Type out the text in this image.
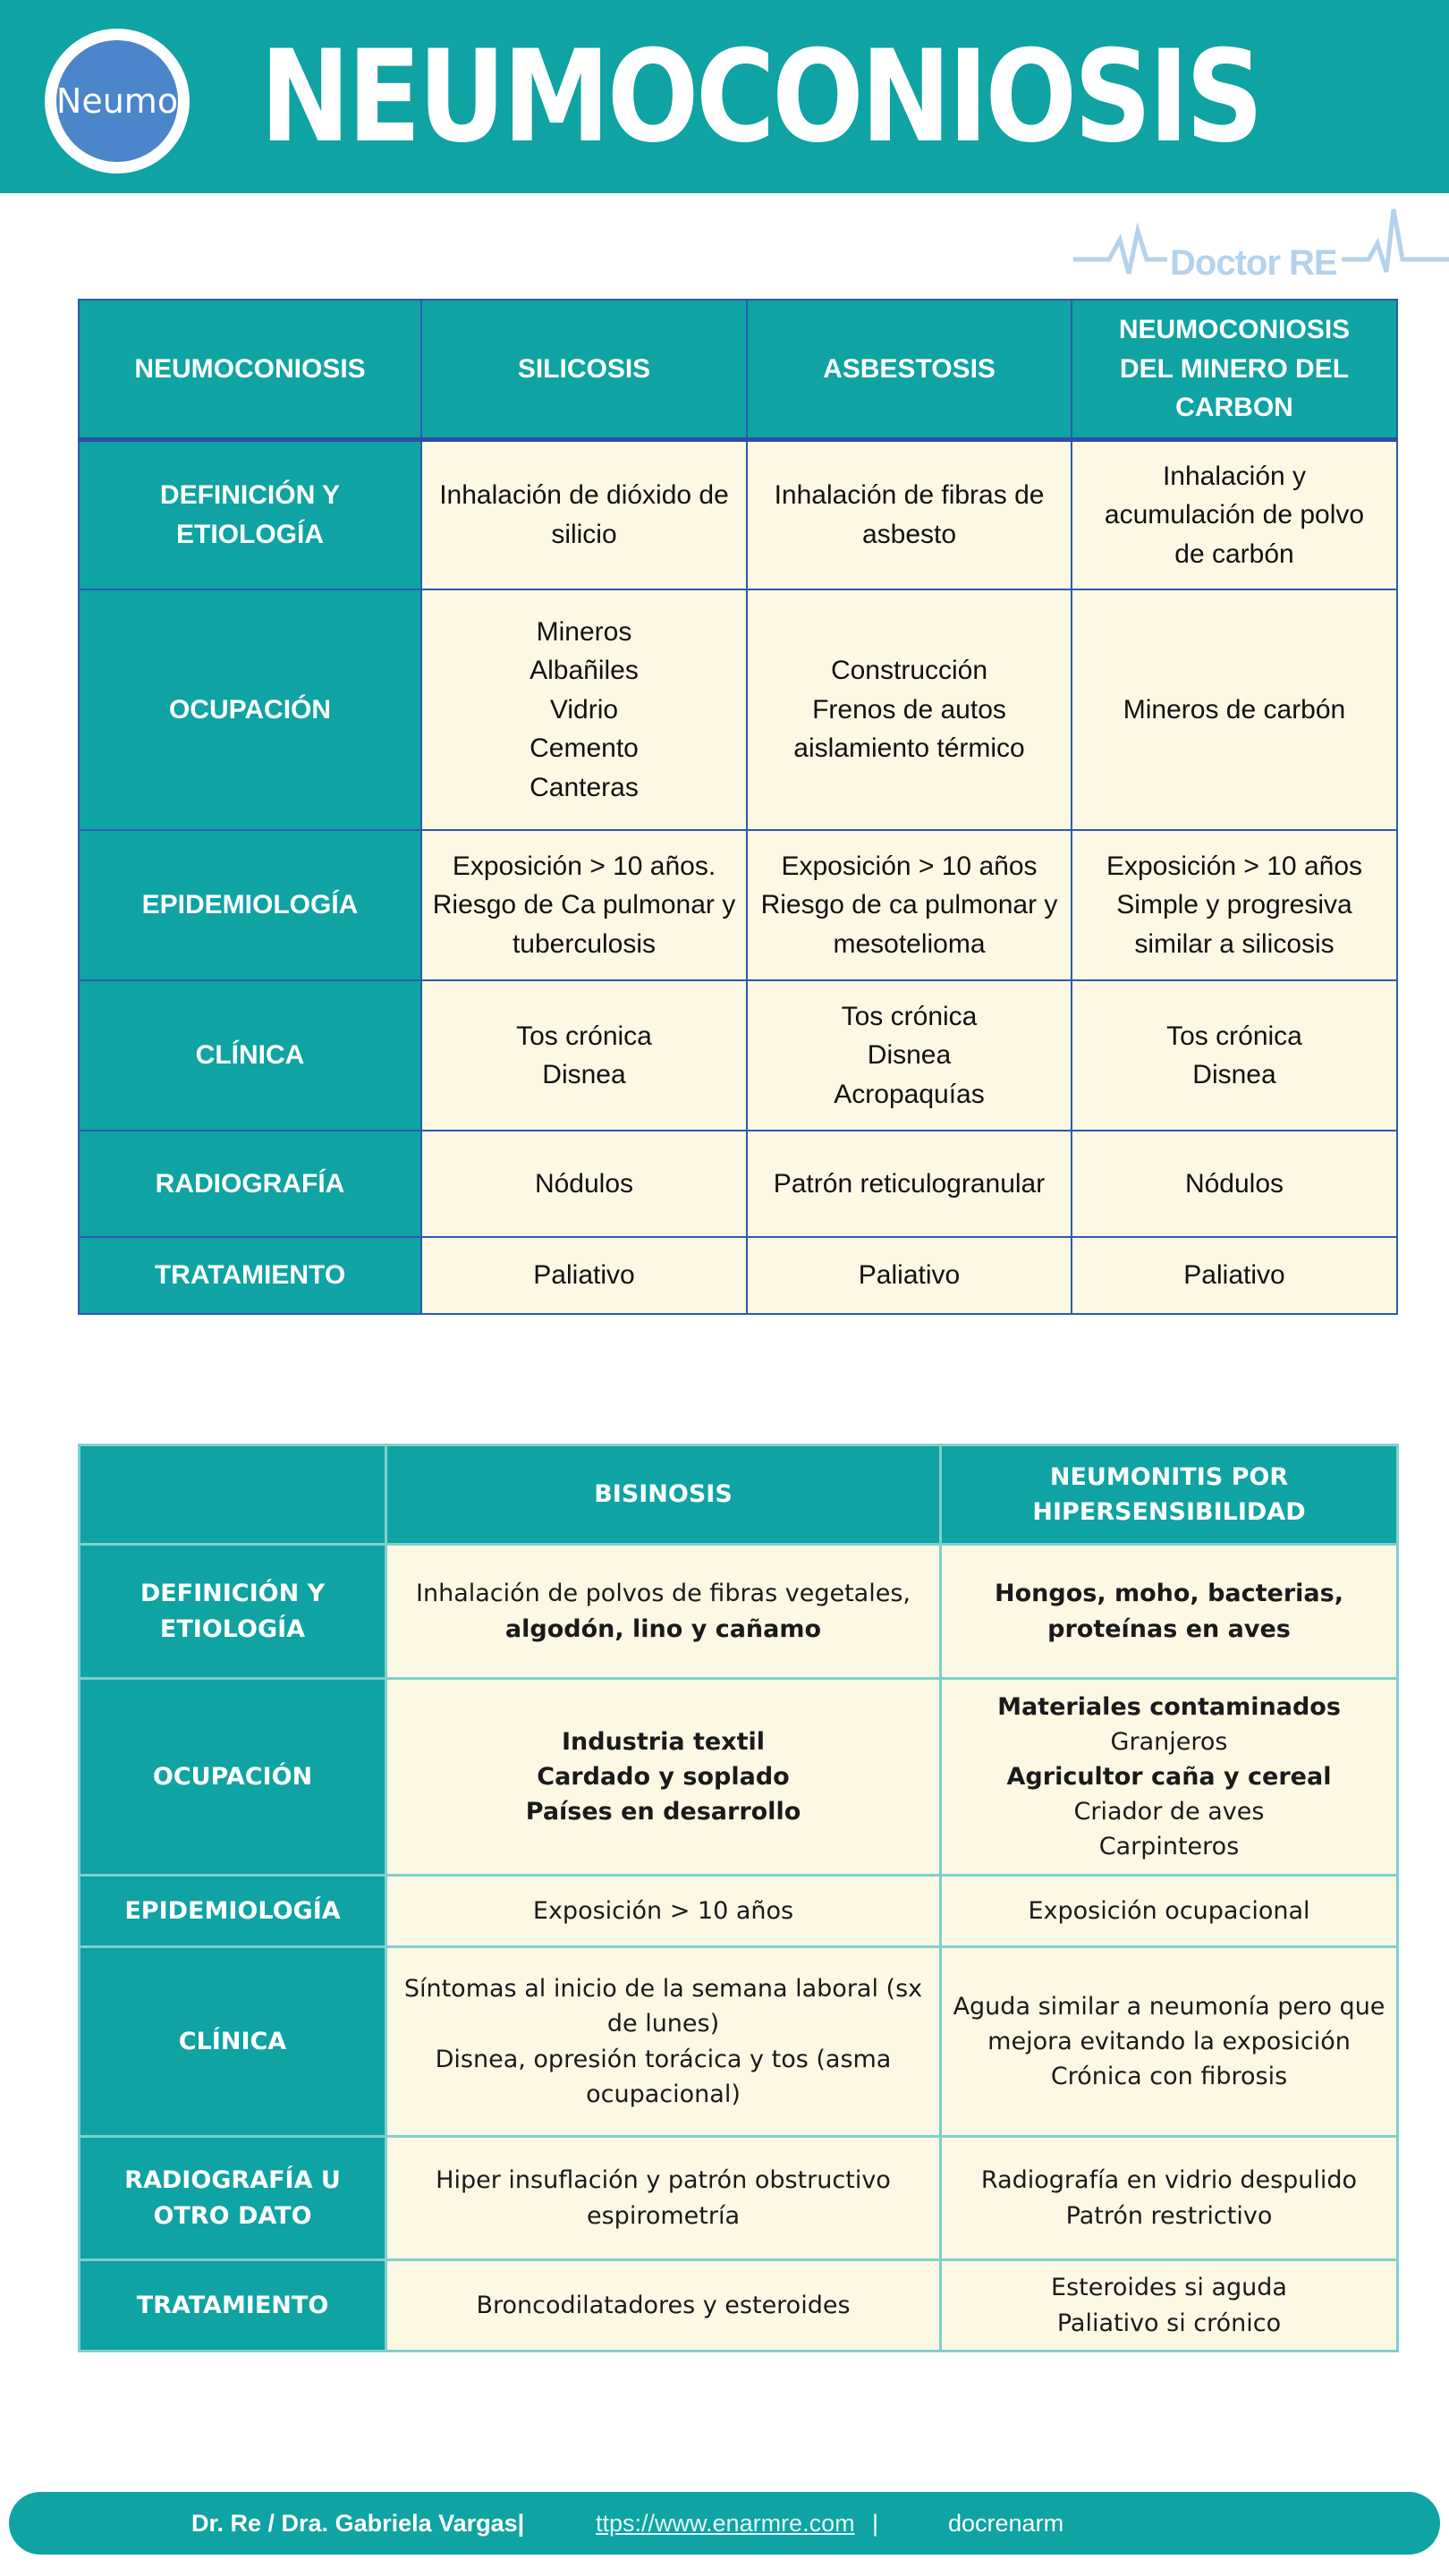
Neumo NEUMOCONIOSIS
Doctor RE
NEUMOCONIOSIS	SILICOSIS	ASBESTOSIS	NEUMOCONIOSIS DEL MINERO DEL CARBON
DEFINICIÓN Y ETIOLOGÍA	Inhalación de dióxido de silicio	Inhalación de fibras de asbesto	Inhalación y acumulación de polvo de carbón

OCUPACIÓN	Mineros
Albañiles
Vidrio
Cemento
Canteras	Construcción
Frenos de autos
aislamiento térmico	Mineros de carbón

EPIDEMIOLOGÍA	Exposición > 10 años.
Riesgo de Ca pulmonar y tuberculosis	Exposición > 10 años
Riesgo de ca pulmonar y mesotelioma	Exposición > 10 años
Simple y progresiva similar a silicosis

CLÍNICA	Tos crónica
Disnea	Tos crónica
Disnea
Acropaquías	Tos crónica
Disnea

RADIOGRAFÍA	Nódulos	Patrón reticulogranular	Nódulos

TRATAMIENTO	Paliativo	Paliativo	Paliativo
	BISINOSIS	NEUMONITIS POR HIPERSENSIBILIDAD
DEFINICIÓN Y ETIOLOGÍA	Inhalación de polvos de fibras vegetales,
algodón, lino y cañamo	Hongos, moho, bacterias,
proteínas en aves

OCUPACIÓN	Industria textil
Cardado y soplado
Países en desarrollo	Materiales contaminados
Granjeros
Agricultor caña y cereal
Criador de aves
Carpinteros

EPIDEMIOLOGÍA	Exposición > 10 años	Exposición ocupacional

CLÍNICA	Síntomas al inicio de la semana laboral (sx de lunes)
Disnea, opresión torácica y tos (asma ocupacional)	Aguda similar a neumonía pero que mejora evitando la exposición
Crónica con fibrosis

RADIOGRAFÍA U OTRO DATO	Hiper insuflación y patrón obstructivo espirometría	Radiografía en vidrio despulido
Patrón restrictivo

TRATAMIENTO	Broncodilatadores y esteroides	Esteroides si aguda
Paliativo si crónico
Dr. Re / Dra. Gabriela Vargas|	ttps://www.enarmre.com |	docrenarm
